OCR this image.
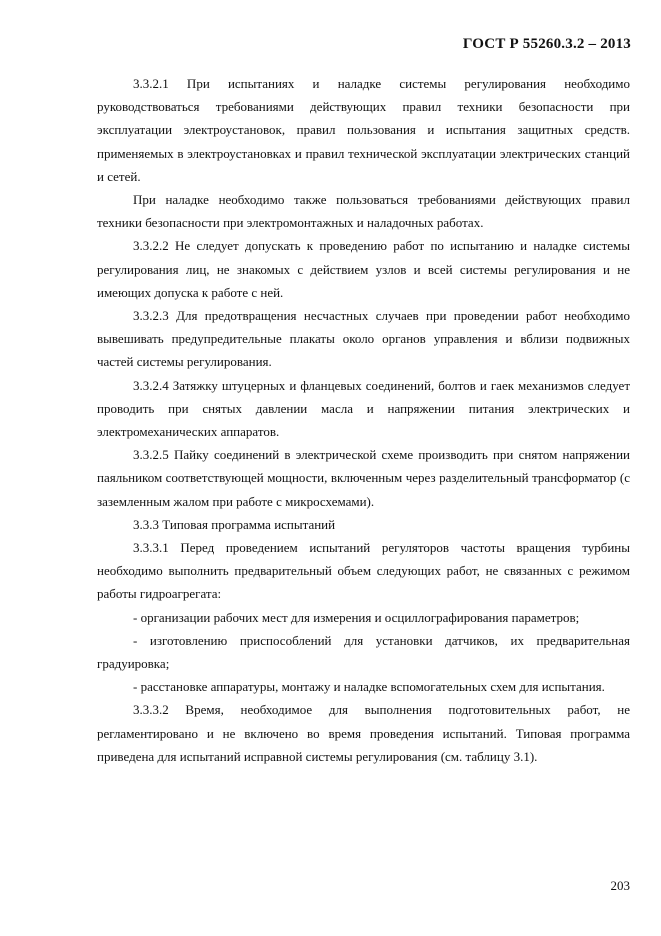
ГОСТ Р 55260.3.2 – 2013

3.3.2.1 При испытаниях и наладке системы регулирования необходимо руководствоваться требованиями действующих правил техники безопасности при эксплуатации электроустановок, правил пользования и испытания защитных средств. применяемых в электроустановках и правил технической эксплуатации электрических станций и сетей.

При наладке необходимо также пользоваться требованиями действующих правил техники безопасности при электромонтажных и наладочных работах.

3.3.2.2 Не следует допускать к проведению работ по испытанию и наладке системы регулирования лиц, не знакомых с действием узлов и всей системы регулирования и не имеющих допуска к работе с ней.

3.3.2.3 Для предотвращения несчастных случаев при проведении работ необходимо вывешивать предупредительные плакаты около органов управления и вблизи подвижных частей системы регулирования.

3.3.2.4 Затяжку штуцерных и фланцевых соединений, болтов и гаек механизмов следует проводить при снятых давлении масла и напряжении питания электрических и электромеханических аппаратов.

3.3.2.5 Пайку соединений в электрической схеме производить при снятом напряжении паяльником соответствующей мощности, включенным через разделительный трансформатор (с заземленным жалом при работе с микросхемами).

3.3.3 Типовая программа испытаний

3.3.3.1 Перед проведением испытаний регуляторов частоты вращения турбины необходимо выполнить предварительный объем следующих работ, не связанных с режимом работы гидроагрегата:

- организации рабочих мест для измерения и осциллографирования параметров;

- изготовлению приспособлений для установки датчиков, их предварительная градуировка;

- расстановке аппаратуры, монтажу и наладке вспомогательных схем для испытания.

3.3.3.2 Время, необходимое для выполнения подготовительных работ, не регламентировано и не включено во время проведения испытаний. Типовая программа приведена для испытаний исправной системы регулирования (см. таблицу 3.1).

203
